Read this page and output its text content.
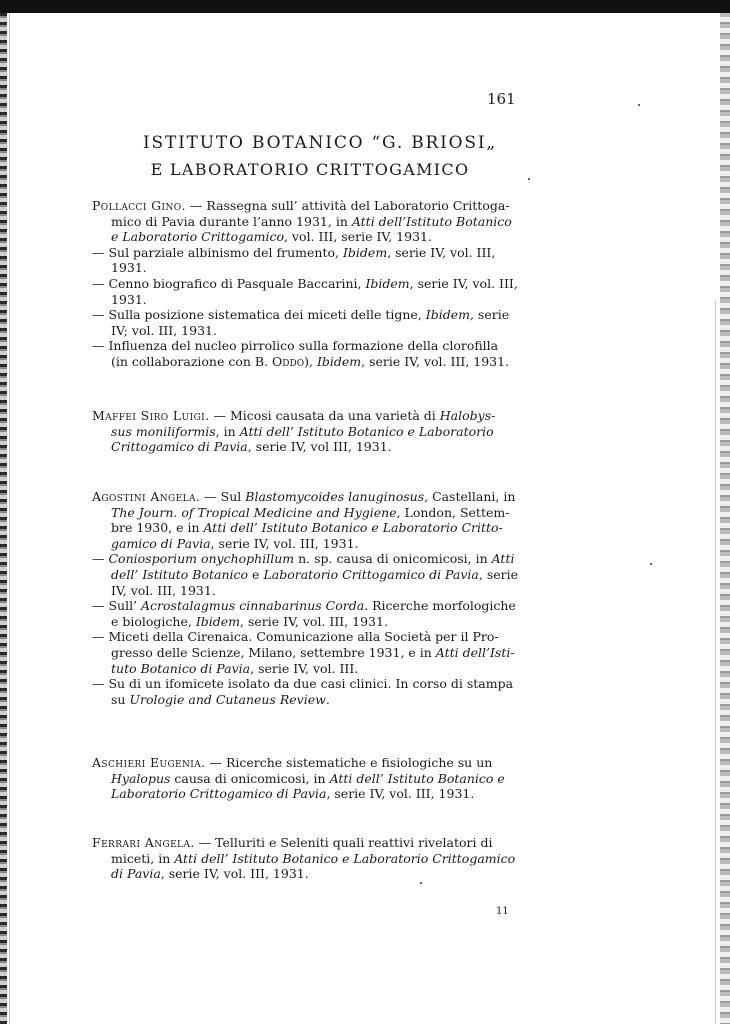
161
ISTITUTO BOTANICO “G. BRIOSI„
E LABORATORIO CRITTOGAMICO
Pollacci Gino. — Rassegna sull’ attività del Laboratorio Crittoga-
mico di Pavia durante l’anno 1931, in Atti dell’Istituto Botanico
e Laboratorio Crittogamico, vol. III, serie IV, 1931.
— Sul parziale albinismo del frumento, Ibidem, serie IV, vol. III,
1931.
— Cenno biografico di Pasquale Baccarini, Ibidem, serie IV, vol. III,
1931.
— Sulla posizione sistematica dei miceti delle tigne, Ibidem, serie
IV; vol. III, 1931.
— Influenza del nucleo pirrolico sulla formazione della clorofilla
(in collaborazione con B. Oddo), Ibidem, serie IV, vol. III, 1931.
Maffei Siro Luigi. — Micosi causata da una varietà di Halobys-
sus moniliformis, in Atti dell’ Istituto Botanico e Laboratorio
Crittogamico di Pavia, serie IV, vol III, 1931.
Agostini Angela. — Sul Blastomycoides lanuginosus, Castellani, in
The Journ. of Tropical Medicine and Hygiene, London, Settem-
bre 1930, e in Atti dell’ Istituto Botanico e Laboratorio Critto-
gamico di Pavia, serie IV, vol. III, 1931.
— Coniosporium onychophillum n. sp. causa di onicomicosi, in Atti
dell’ Istituto Botanico e Laboratorio Crittogamico di Pavia, serie
IV, vol. III, 1931.
— Sull’ Acrostalagmus cinnabarinus Corda. Ricerche morfologiche
e biologiche, Ibidem, serie IV, vol. III, 1931.
— Miceti della Cirenaica. Comunicazione alla Società per il Pro-
gresso delle Scienze, Milano, settembre 1931, e in Atti dell’Isti-
tuto Botanico di Pavia, serie IV, vol. III.
— Su di un ifomicete isolato da due casi clinici. In corso di stampa
su Urologie and Cutaneus Review.
Aschieri Eugenia. — Ricerche sistematiche e fisiologiche su un
Hyalopus causa di onicomicosi, in Atti dell’ Istituto Botanico e
Laboratorio Crittogamico di Pavia, serie IV, vol. III, 1931.
Ferrari Angela. — Telluriti e Seleniti quali reattivi rivelatori di
miceti, in Atti dell’ Istituto Botanico e Laboratorio Crittogamico
di Pavia, serie IV, vol. III, 1931.
11
